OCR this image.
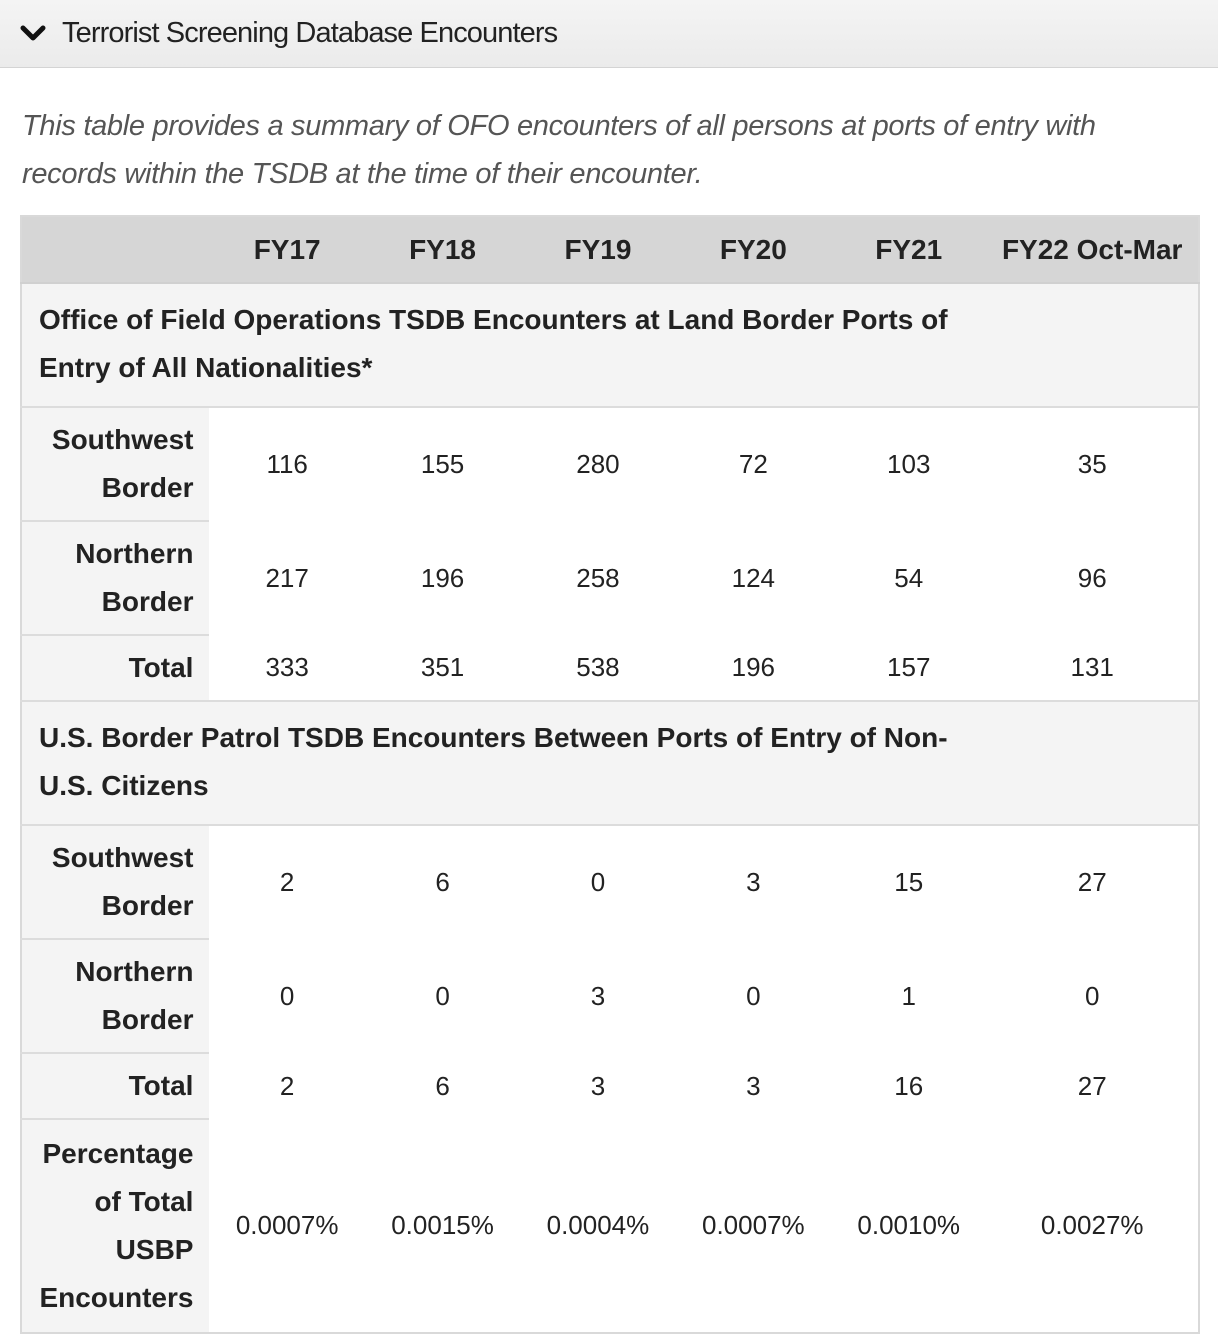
Terrorist Screening Database Encounters

This table provides a summary of OFO encounters of all persons at ports of entry with records within the TSDB at the time of their encounter.

	FY17	FY18	FY19	FY20	FY21	FY22 Oct-Mar
Office of Field Operations TSDB Encounters at Land Border Ports of Entry of All Nationalities*						
Southwest Border	116	155	280	72	103	35
Northern Border	217	196	258	124	54	96
Total	333	351	538	196	157	131
U.S. Border Patrol TSDB Encounters Between Ports of Entry of Non-U.S. Citizens						
Southwest Border	2	6	0	3	15	27
Northern Border	0	0	3	0	1	0
Total	2	6	3	3	16	27
Percentage of Total USBP Encounters	0.0007%	0.0015%	0.0004%	0.0007%	0.0010%	0.0027%
